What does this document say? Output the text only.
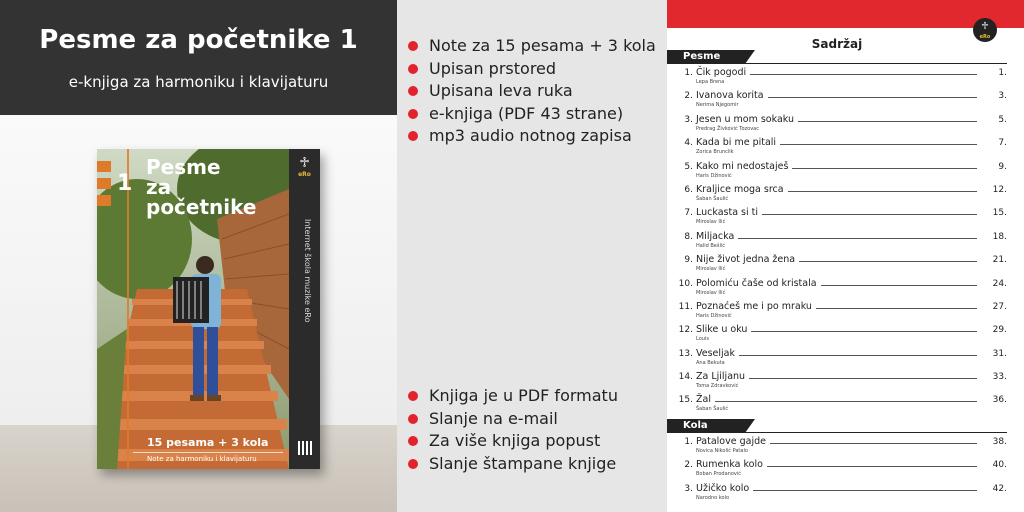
Pesme za početnike 1
e-knjiga za harmoniku i klavijaturu
1
Pesme
za
početnike
15 pesama + 3 kola
Note za harmoniku i klavijaturu
♱
eRo
Internet škola muzike eRo
Note za 15 pesama + 3 kola
Upisan prstored
Upisana leva ruka
e-knjiga (PDF 43 strane)
mp3 audio notnog zapisa
Knjiga je u PDF formatu
Slanje na e-mail
Za više knjiga popust
Slanje štampane knjige
♱
eRo
Sadržaj
Pesme
1. Čik pogodi
Lepa Brena
1.
2. Ivanova korita
Nerima Njegomir
3.
3. Jesen u mom sokaku
Predrag Živković Tozovac
5.
4. Kada bi me pitali
Zorica Brunclik
7.
5. Kako mi nedostaješ
Haris Džinović
9.
6. Kraljice moga srca
Šaban Šaulić
12.
7. Luckasta si ti
Miroslav Ilić
15.
8. Miljacka
Halid Bešlić
18.
9. Nije život jedna žena
Miroslav Ilić
21.
10. Polomiću čaše od kristala
Miroslav Ilić
24.
11. Poznaćeš me i po mraku
Haris Džinović
27.
12. Slike u oku
Louis
29.
13. Veseljak
Ana Bekuta
31.
14. Za Ljiljanu
Toma Zdravković
33.
15. Žal
Šaban Šaulić
36.
Kola
1. Patalove gajde
Novica Nikolić Patalo
38.
2. Rumenka kolo
Boban Prodanović
40.
3. Užičko kolo
Narodno kolo
42.
